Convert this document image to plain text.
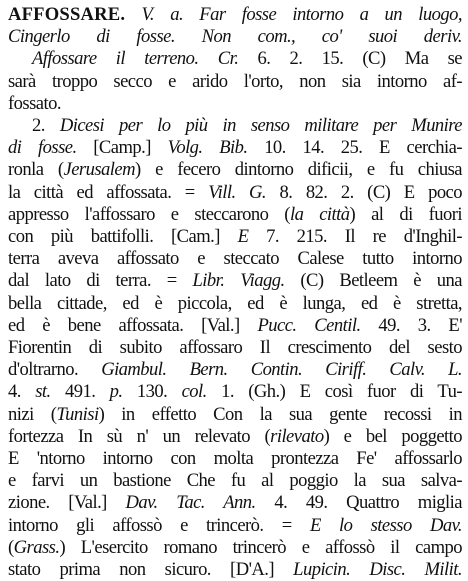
AFFOSSARE. V. a. Far fosse intorno a un luogo,
Cingerlo di fosse. Non com., co' suoi deriv.
Affossare il terreno. Cr. 6. 2. 15. (C) Ma se
sarà troppo secco e arido l'orto, non sia intorno af-
fossato.
2. Dicesi per lo più in senso militare per Munire
di fosse. [Camp.] Volg. Bib. 10. 14. 25. E cerchia-
ronla (Jerusalem) e fecero dintorno dificii, e fu chiusa
la città ed affossata. = Vill. G. 8. 82. 2. (C) E poco
appresso l'affossaro e steccarono (la città) al di fuori
con più battifolli. [Cam.] E 7. 215. Il re d'Inghil-
terra aveva affossato e steccato Calese tutto intorno
dal lato di terra. = Libr. Viagg. (C) Betleem è una
bella cittade, ed è piccola, ed è lunga, ed è stretta,
ed è bene affossata. [Val.] Pucc. Centil. 49. 3. E'
Fiorentin di subito affossaro Il crescimento del sesto
d'oltrarno. Giambul. Bern. Contin. Ciriff. Calv. L.
4. st. 491. p. 130. col. 1. (Gh.) E così fuor di Tu-
nizi (Tunisi) in effetto Con la sua gente recossi in
fortezza In sù n' un relevato (rilevato) e bel poggetto
E 'ntorno intorno con molta prontezza Fe' affossarlo
e farvi un bastione Che fu al poggio la sua salva-
zione. [Val.] Dav. Tac. Ann. 4. 49. Quattro miglia
intorno gli affossò e trincerò. = E lo stesso Dav.
(Grass.) L'esercito romano trincerò e affossò il campo
stato prima non sicuro. [D'A.] Lupicin. Disc. Milit.
